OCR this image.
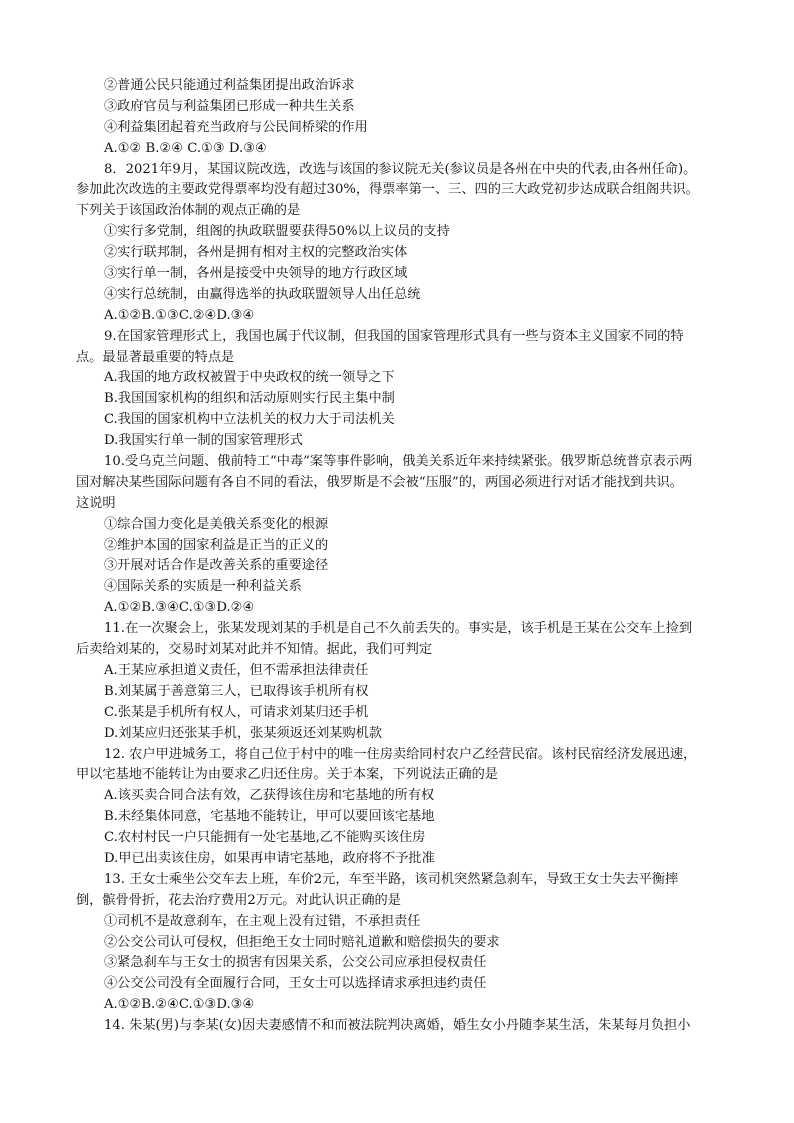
②普通公民只能通过利益集团提出政治诉求
③政府官员与利益集团已形成一种共生关系
④利益集团起着充当政府与公民间桥梁的作用
A.①② B.②④ C.①③ D.③④
8．2021年9月，某国议院改选，改选与该国的参议院无关(参议员是各州在中央的代表,由各州任命)。
参加此次改选的主要政党得票率均没有超过30%，得票率第一、三、四的三大政党初步达成联合组阁共识。
下列关于该国政治体制的观点正确的是
①实行多党制，组阁的执政联盟要获得50%以上议员的支持
②实行联邦制，各州是拥有相对主权的完整政治实体
③实行单一制，各州是接受中央领导的地方行政区域
④实行总统制，由赢得选举的执政联盟领导人出任总统
A.①②B.①③C.②④D.③④
9.在国家管理形式上，我国也属于代议制，但我国的国家管理形式具有一些与资本主义国家不同的特
点。最显著最重要的特点是
A.我国的地方政权被置于中央政权的统一领导之下
B.我国国家机构的组织和活动原则实行民主集中制
C.我国的国家机构中立法机关的权力大于司法机关
D.我国实行单一制的国家管理形式
10.受乌克兰问题、俄前特工“中毒”案等事件影响，俄美关系近年来持续紧张。俄罗斯总统普京表示两
国对解决某些国际问题有各自不同的看法，俄罗斯是不会被“压服”的，两国必须进行对话才能找到共识。
这说明
①综合国力变化是美俄关系变化的根源
②维护本国的国家利益是正当的正义的
③开展对话合作是改善关系的重要途径
④国际关系的实质是一种利益关系
A.①②B.③④C.①③D.②④
11.在一次聚会上，张某发现刘某的手机是自己不久前丢失的。事实是，该手机是王某在公交车上捡到
后卖给刘某的，交易时刘某对此并不知情。据此，我们可判定
A.王某应承担道义责任，但不需承担法律责任
B.刘某属于善意第三人，已取得该手机所有权
C.张某是手机所有权人，可请求刘某归还手机
D.刘某应归还张某手机，张某须返还刘某购机款
12. 农户甲进城务工，将自己位于村中的唯一住房卖给同村农户乙经营民宿。该村民宿经济发展迅速，
甲以宅基地不能转让为由要求乙归还住房。关于本案，下列说法正确的是
A.该买卖合同合法有效，乙获得该住房和宅基地的所有权
B.未经集体同意，宅基地不能转让，甲可以要回该宅基地
C.农村村民一户只能拥有一处宅基地,乙不能购买该住房
D.甲已出卖该住房，如果再申请宅基地，政府将不予批准
13. 王女士乘坐公交车去上班，车价2元，车至半路，该司机突然紧急刹车，导致王女士失去平衡摔
倒，髌骨骨折，花去治疗费用2万元。对此认识正确的是
①司机不是故意刹车，在主观上没有过错，不承担责任
②公交公司认可侵权，但拒绝王女士同时赔礼道歉和赔偿损失的要求
③紧急刹车与王女士的损害有因果关系，公交公司应承担侵权责任
④公交公司没有全面履行合同，王女士可以选择请求承担违约责任
A.①②B.②④C.①③D.③④
14. 朱某(男)与李某(女)因夫妻感情不和而被法院判决离婚，婚生女小丹随李某生活，朱某每月负担小
